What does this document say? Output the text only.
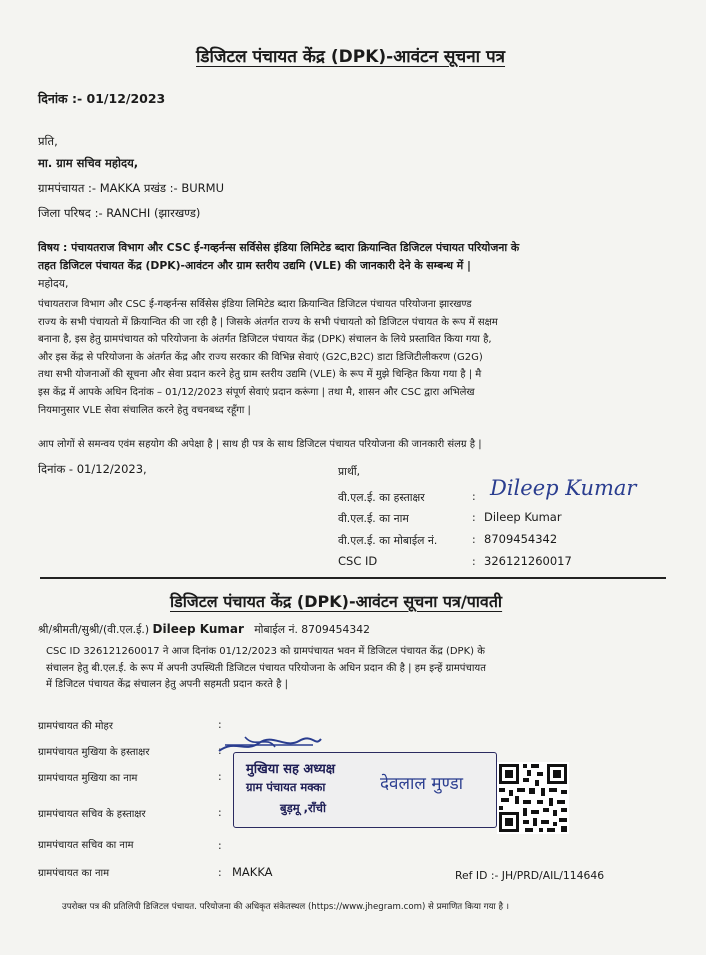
डिजिटल पंचायत केंद्र (DPK)-आवंटन सूचना पत्र
दिनांक :- 01/12/2023
प्रति,
मा. ग्राम सचिव महोदय,
ग्रामपंचायत :- MAKKA प्रखंड :- BURMU
जिला परिषद :- RANCHI (झारखण्ड)
विषय : पंचायतराज विभाग और CSC ई-गव्हर्नन्स सर्विसेस इंडिया लिमिटेड ब्दारा क्रियान्वित डिजिटल पंचायत परियोजना के
तहत डिजिटल पंचायत केंद्र (DPK)-आवंटन और ग्राम स्तरीय उद्यमि (VLE) की जानकारी देने के सम्बन्ध में |
महोदय,
पंचायतराज विभाग और CSC ई-गव्हर्नन्स सर्विसेस इंडिया लिमिटेड ब्दारा क्रियान्वित डिजिटल पंचायत परियोजना झारखण्ड
राज्य के सभी पंचायतो में क्रियान्वित की जा रही है | जिसके अंतर्गत राज्य के सभी पंचायतो को डिजिटल पंचायत के रूप में सक्षम
बनाना है, इस हेतु ग्रामपंचायत को परियोजना के अंतर्गत डिजिटल पंचायत केंद्र (DPK) संचालन के लिये प्रस्तावित किया गया है,
और इस केंद्र से परियोजना के अंतर्गत केंद्र और राज्य सरकार की विभिन्न सेवाएं (G2C,B2C) डाटा डिजिटीलीकरण (G2G)
तथा सभी योजनाओं की सूचना और सेवा प्रदान करने हेतु ग्राम स्तरीय उद्यमि (VLE) के रूप में मुझे चिन्हित किया गया है | मै
इस केंद्र में आपके अधिन दिनांक – 01/12/2023 संपूर्ण सेवाएं प्रदान करूंगा | तथा मै, शासन और CSC द्वारा अभिलेख
नियमानुसार VLE सेवा संचालित करने हेतु वचनबध्द रहूँगा |
आप लोगों से समन्वय एवंम सहयोग की अपेक्षा है | साथ ही पत्र के साथ डिजिटल पंचायत परियोजना की जानकारी संलग्र है |
दिनांक - 01/12/2023,	प्रार्थी,
वी.एल.ई. का हस्ताक्षर	: Dileep Kumar
वी.एल.ई. का नाम	: Dileep Kumar
वी.एल.ई. का मोबाईल नं.	: 8709454342
CSC ID	: 326121260017
डिजिटल पंचायत केंद्र (DPK)-आवंटन सूचना पत्र/पावती
श्री/श्रीमती/सुश्री/(वी.एल.ई.) Dileep Kumar मोबाईल नं. 8709454342
CSC ID 326121260017 ने आज दिनांक 01/12/2023 को ग्रामपंचायत भवन में डिजिटल पंचायत केंद्र (DPK) के
संचालन हेतु बी.एल.ई. के रूप में अपनी उपस्थिती डिजिटल पंचायत परियोजना के अधिन प्रदान की है | हम इन्हें ग्रामपंचायत
में डिजिटल पंचायत केंद्र संचालन हेतु अपनी सहमती प्रदान करते है |
ग्रामपंचायत की मोहर	:
ग्रामपंचायत मुखिया के हस्ताक्षर	:
ग्रामपंचायत मुखिया का नाम	:
ग्रामपंचायत सचिव के हस्ताक्षर	:
ग्रामपंचायत सचिव का नाम	:
ग्रामपंचायत का नाम	: MAKKA
मुखिया सह अध्यक्ष
ग्राम पंचायत मक्का
बुड़मू ,राँची
देवलाल मुण्डा
Ref ID :- JH/PRD/AIL/114646
उपरोक्त पत्र की प्रतिलिपी डिजिटल पंचायत. परियोजना की अधिकृत संकेतस्थल (https://www.jhegram.com) से प्रमाणित किया गया है ।
